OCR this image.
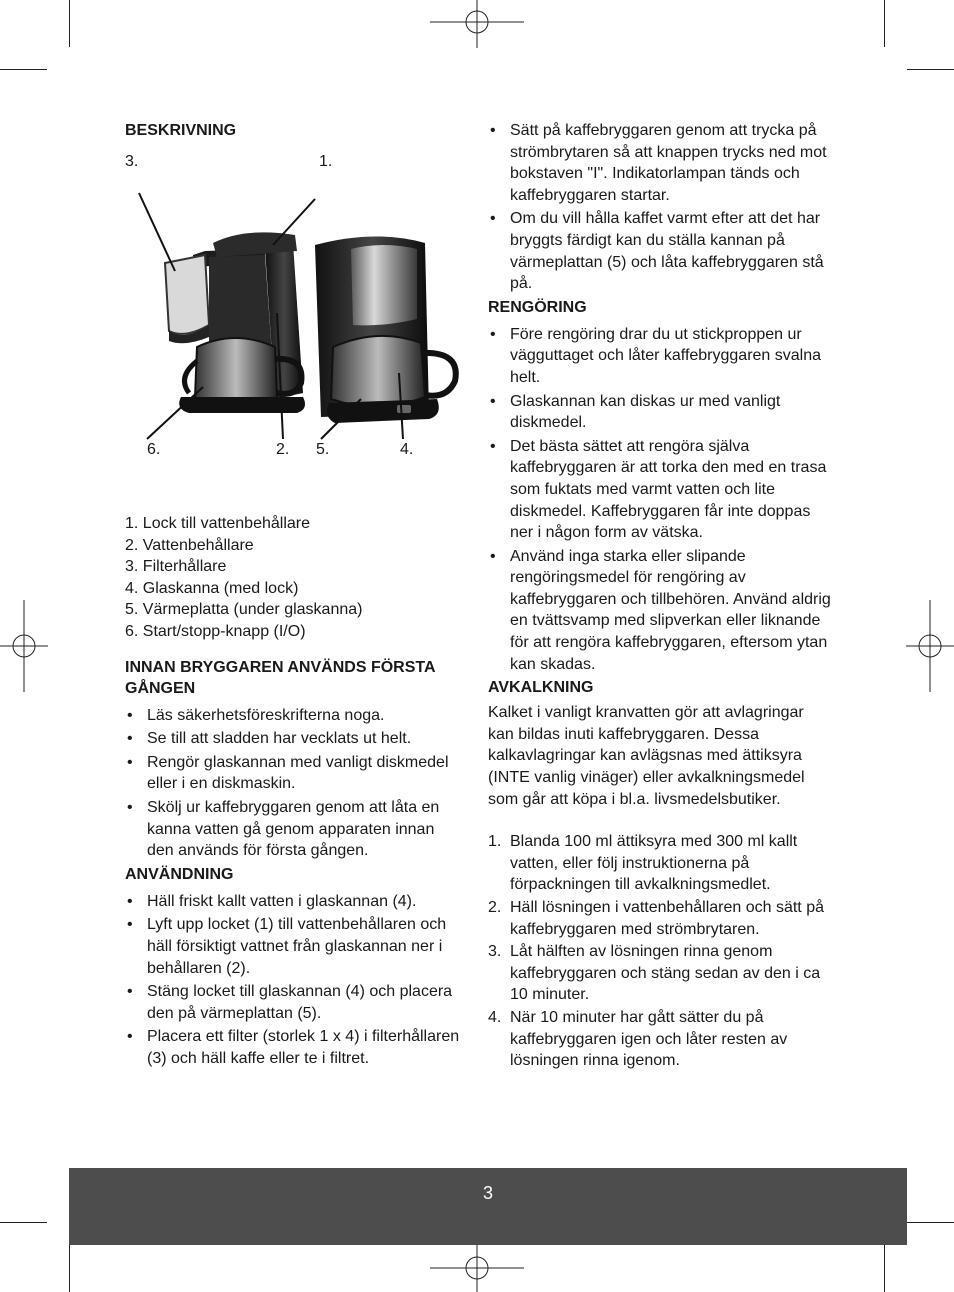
BESKRIVNING
3.	1.
6.	2. 5.	4.
1. Lock till vattenbehållare
2. Vattenbehållare
3. Filterhållare
4. Glaskanna (med lock)
5. Värmeplatta (under glaskanna)
6. Start/stopp-knapp (I/O)
INNAN BRYGGAREN ANVÄNDS FÖRSTA GÅNGEN
• Läs säkerhetsföreskrifterna noga.
• Se till att sladden har vecklats ut helt.
• Rengör glaskannan med vanligt diskmedel eller i en diskmaskin.
• Skölj ur kaffebryggaren genom att låta en kanna vatten gå genom apparaten innan den används för första gången.
ANVÄNDNING
• Häll friskt kallt vatten i glaskannan (4).
• Lyft upp locket (1) till vattenbehållaren och häll försiktigt vattnet från glaskannan ner i behållaren (2).
• Stäng locket till glaskannan (4) och placera den på värmeplattan (5).
• Placera ett filter (storlek 1 x 4) i filterhållaren (3) och häll kaffe eller te i filtret.
• Sätt på kaffebryggaren genom att trycka på strömbrytaren så att knappen trycks ned mot bokstaven "I". Indikatorlampan tänds och kaffebryggaren startar.
• Om du vill hålla kaffet varmt efter att det har bryggts färdigt kan du ställa kannan på värmeplattan (5) och låta kaffebryggaren stå på.
RENGÖRING
• Före rengöring drar du ut stickproppen ur vägguttaget och låter kaffebryggaren svalna helt.
• Glaskannan kan diskas ur med vanligt diskmedel.
• Det bästa sättet att rengöra själva kaffebryggaren är att torka den med en trasa som fuktats med varmt vatten och lite diskmedel. Kaffebryggaren får inte doppas ner i någon form av vätska.
• Använd inga starka eller slipande rengöringsmedel för rengöring av kaffebryggaren och tillbehören. Använd aldrig en tvättsvamp med slipverkan eller liknande för att rengöra kaffebryggaren, eftersom ytan kan skadas.
AVKALKNING

Kalket i vanligt kranvatten gör att avlagringar kan bildas inuti kaffebryggaren. Dessa kalkavlagringar kan avlägsnas med ättiksyra (INTE vanlig vinäger) eller avkalkningsmedel som går att köpa i bl.a. livsmedelsbutiker.

1. Blanda 100 ml ättiksyra med 300 ml kallt vatten, eller följ instruktionerna på förpackningen till avkalkningsmedlet.
2. Häll lösningen i vattenbehållaren och sätt på kaffebryggaren med strömbrytaren.
3. Låt hälften av lösningen rinna genom kaffebryggaren och stäng sedan av den i ca 10 minuter.
4. När 10 minuter har gått sätter du på kaffebryggaren igen och låter resten av lösningen rinna igenom.
3
